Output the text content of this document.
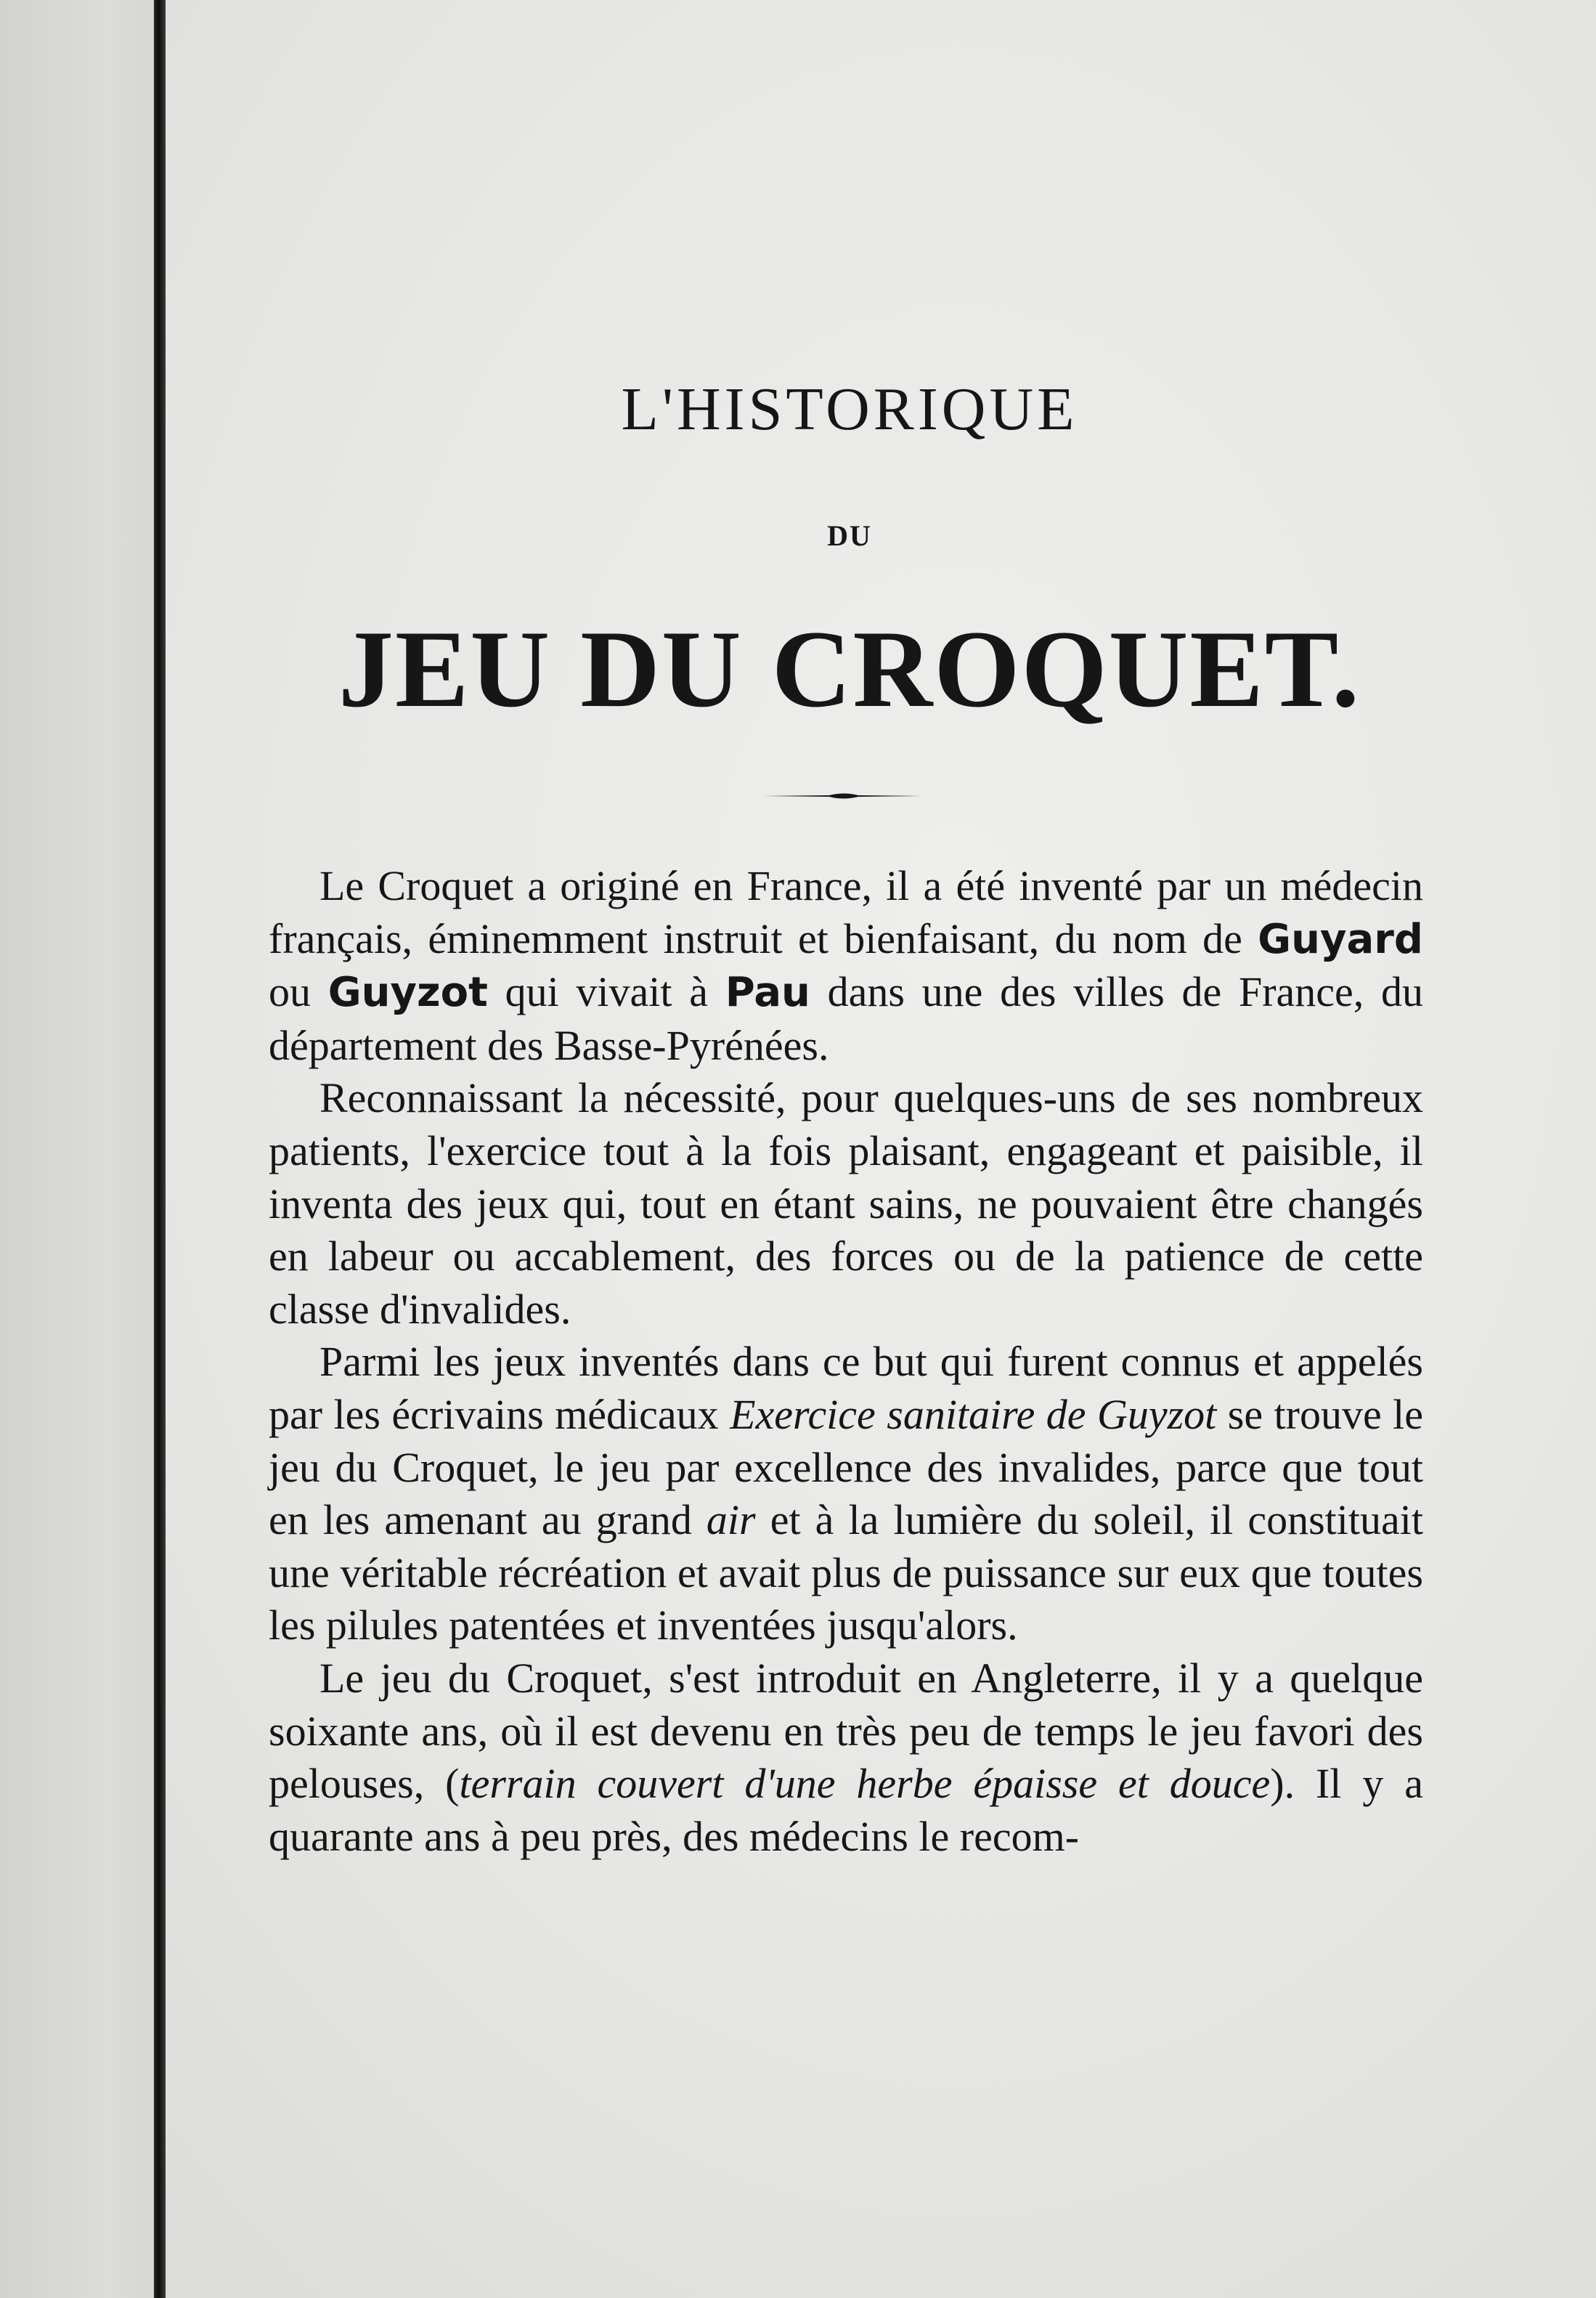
L'HISTORIQUE
DU
JEU DU CROQUET.

Le Croquet a originé en France, il a été inventé par un médecin français, éminemment instruit et bienfaisant, du nom de Guyard ou Guyzot qui vivait à Pau dans une des villes de France, du département des Basse-Pyrénées.

Reconnaissant la nécessité, pour quelques-uns de ses nombreux patients, l'exercice tout à la fois plaisant, engageant et paisible, il inventa des jeux qui, tout en étant sains, ne pouvaient être changés en labeur ou accablement, des forces ou de la patience de cette classe d'invalides.

Parmi les jeux inventés dans ce but qui furent connus et appelés par les écrivains médicaux Exercice sanitaire de Guyzot se trouve le jeu du Croquet, le jeu par excellence des invalides, parce que tout en les amenant au grand air et à la lumière du soleil, il constituait une véritable récréation et avait plus de puissance sur eux que toutes les pilules patentées et inventées jusqu'alors.

Le jeu du Croquet, s'est introduit en Angleterre, il y a quelque soixante ans, où il est devenu en très peu de temps le jeu favori des pelouses, (terrain couvert d'une herbe épaisse et douce). Il y a quarante ans à peu près, des médecins le recom-
